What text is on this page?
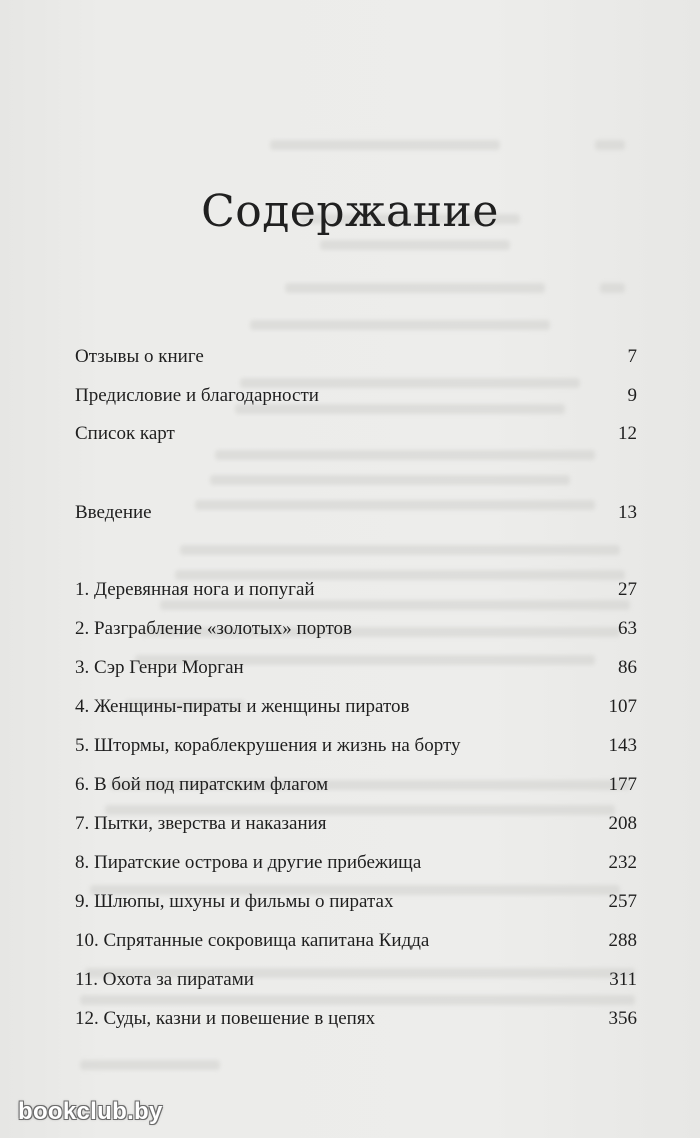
Содержание
Отзывы о книге	7
Предисловие и благодарности	9
Список карт	12
Введение	13
1. Деревянная нога и попугай	27
2. Разграбление «золотых» портов	63
3. Сэр Генри Морган	86
4. Женщины-пираты и женщины пиратов	107
5. Штормы, кораблекрушения и жизнь на борту	143
6. В бой под пиратским флагом	177
7. Пытки, зверства и наказания	208
8. Пиратские острова и другие прибежища	232
9. Шлюпы, шхуны и фильмы о пиратах	257
10. Спрятанные сокровища капитана Кидда	288
11. Охота за пиратами	311
12. Суды, казни и повешение в цепях	356
bookclub.by
